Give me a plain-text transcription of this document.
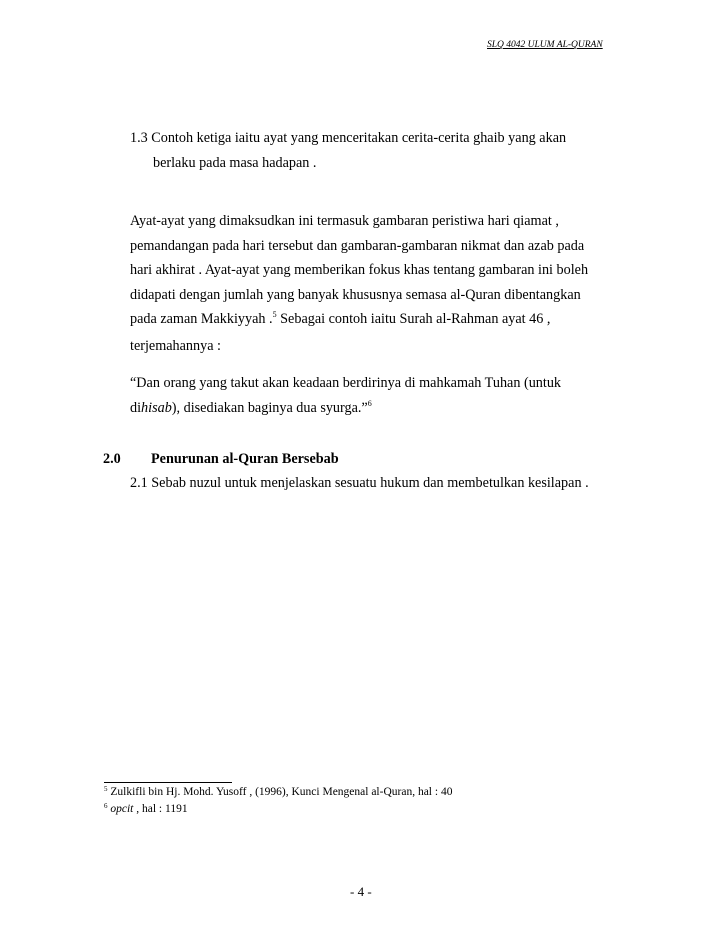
SLQ 4042 ULUM AL-QURAN
1.3 Contoh ketiga iaitu ayat yang menceritakan cerita-cerita ghaib yang akan
berlaku pada masa hadapan .
Ayat-ayat yang dimaksudkan ini termasuk gambaran peristiwa hari qiamat ,
pemandangan pada hari tersebut dan gambaran-gambaran nikmat dan azab pada
hari akhirat . Ayat-ayat yang memberikan fokus khas tentang gambaran ini boleh
didapati dengan jumlah yang banyak khususnya semasa al-Quran dibentangkan
pada zaman Makkiyyah .$^5$ Sebagai contoh iaitu Surah al-Rahman ayat 46 ,
terjemahannya :
“Dan orang yang takut akan keadaan berdirinya di mahkamah Tuhan (untuk
dihisab), disediakan baginya dua syurga.”$^6$
2.0 Penurunan al-Quran Bersebab
2.1 Sebab nuzul untuk menjelaskan sesuatu hukum dan membetulkan kesilapan .
$^5$ Zulkifli bin Hj. Mohd. Yusoff , (1996), Kunci Mengenal al-Quran, hal : 40
$^6$ opcit , hal : 1191
- 4 -
